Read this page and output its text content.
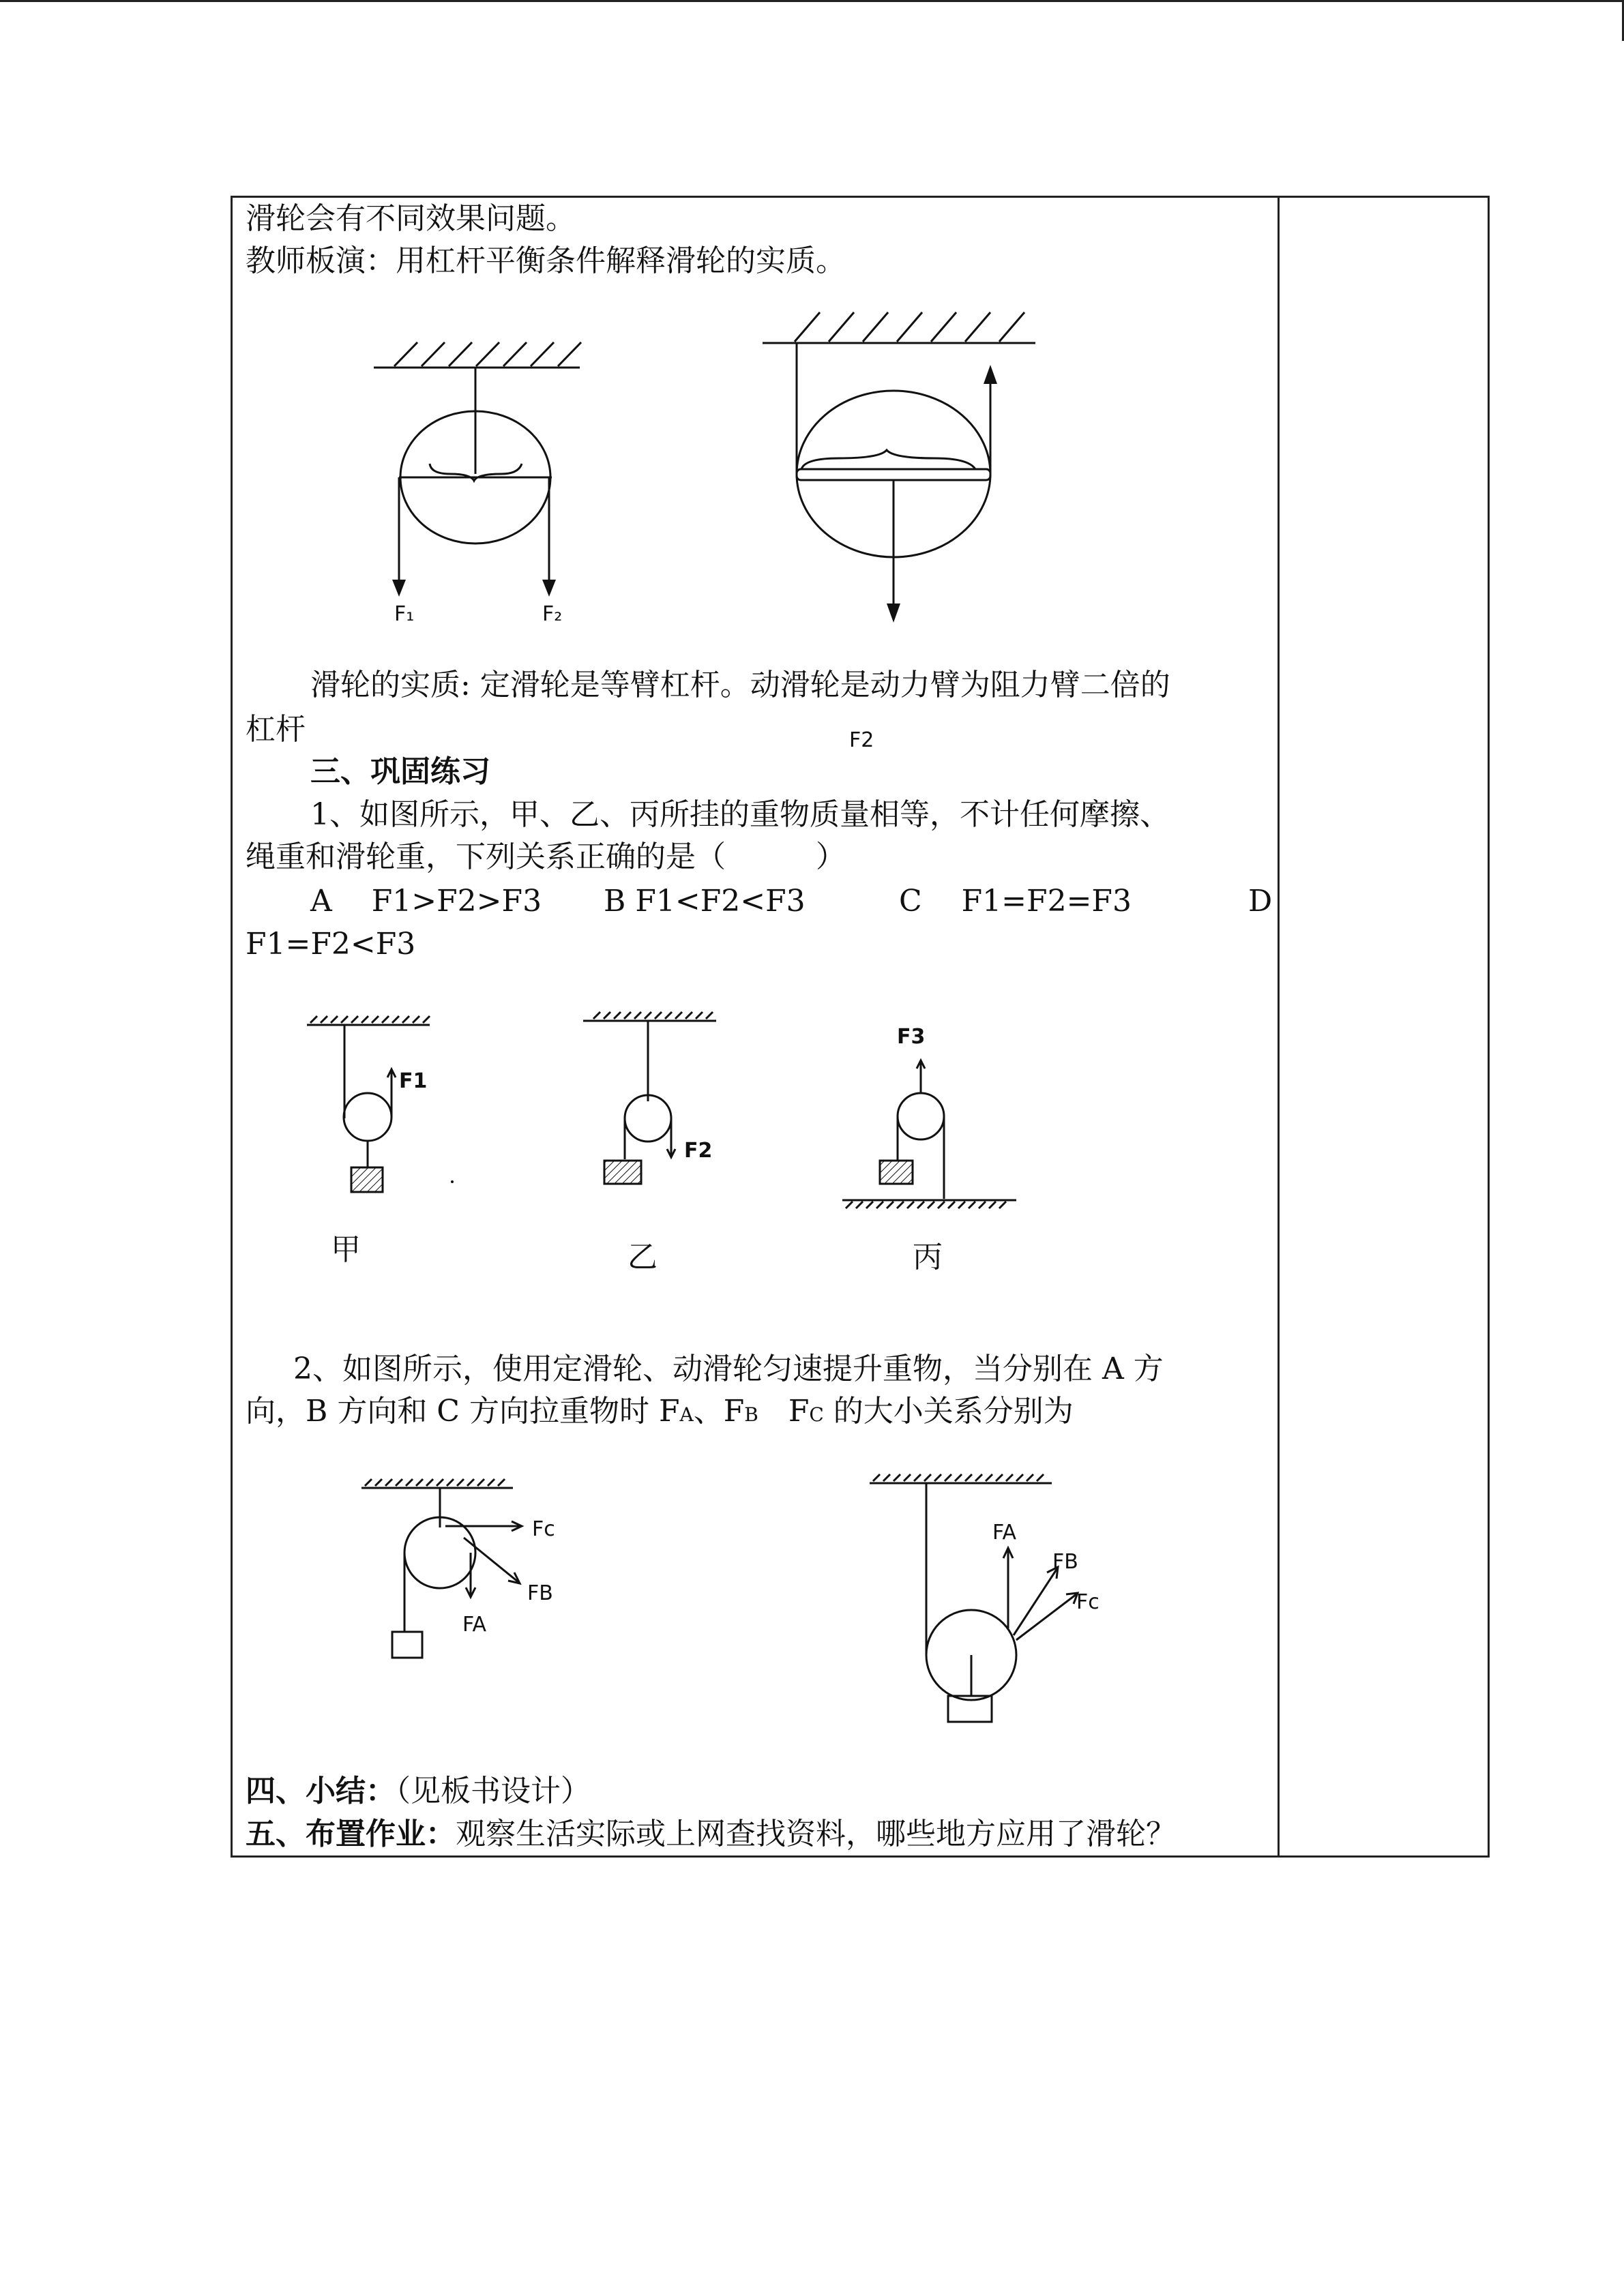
滑轮会有不同效果问题。
教师板演：用杠杆平衡条件解释滑轮的实质。
F₁	F₂
F2
滑轮的实质: 定滑轮是等臂杠杆。动滑轮是动力臂为阻力臂二倍的
杠杆
三、巩固练习
1、如图所示，甲、乙、丙所挂的重物质量相等，不计任何摩擦、
绳重和滑轮重，下列关系正确的是（　　　）
A　 F1>F2>F3 B F1<F2<F3	C　 F1=F2=F3	D
F1=F2<F3
F1
F2
F3
甲	乙	丙
2、如图所示，使用定滑轮、动滑轮匀速提升重物，当分别在 A 方
向，B 方向和 C 方向拉重物时 FA、FB　FC 的大小关系分别为
Fc
FB
FA
FA
FB
Fc
四、小结：（见板书设计）
五、布置作业：观察生活实际或上网查找资料，哪些地方应用了滑轮？
